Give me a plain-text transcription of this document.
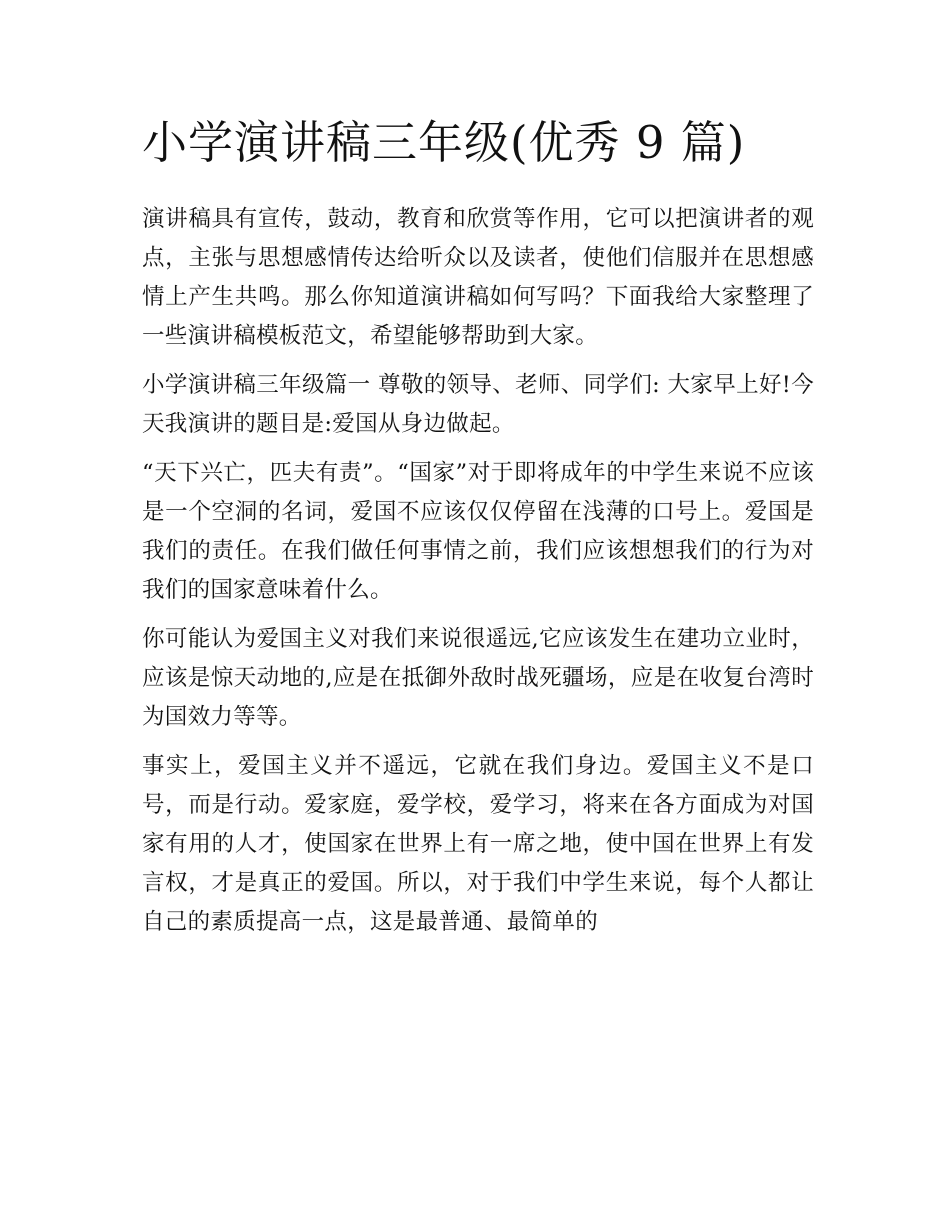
小学演讲稿三年级(优秀 9 篇)

演讲稿具有宣传，鼓动，教育和欣赏等作用，它可以把演讲者的观点，主张与思想感情传达给听众以及读者，使他们信服并在思想感情上产生共鸣。那么你知道演讲稿如何写吗？下面我给大家整理了一些演讲稿模板范文，希望能够帮助到大家。

小学演讲稿三年级篇一 尊敬的领导、老师、同学们: 大家早上好!今天我演讲的题目是:爱国从身边做起。

“天下兴亡，匹夫有责”。“国家”对于即将成年的中学生来说不应该是一个空洞的名词，爱国不应该仅仅停留在浅薄的口号上。爱国是我们的责任。在我们做任何事情之前，我们应该想想我们的行为对我们的国家意味着什么。

你可能认为爱国主义对我们来说很遥远,它应该发生在建功立业时，应该是惊天动地的,应是在抵御外敌时战死疆场，应是在收复台湾时为国效力等等。

事实上，爱国主义并不遥远，它就在我们身边。爱国主义不是口号，而是行动。爱家庭，爱学校，爱学习，将来在各方面成为对国家有用的人才，使国家在世界上有一席之地，使中国在世界上有发言权，才是真正的爱国。所以，对于我们中学生来说，每个人都让自己的素质提高一点，这是最普通、最简单的
